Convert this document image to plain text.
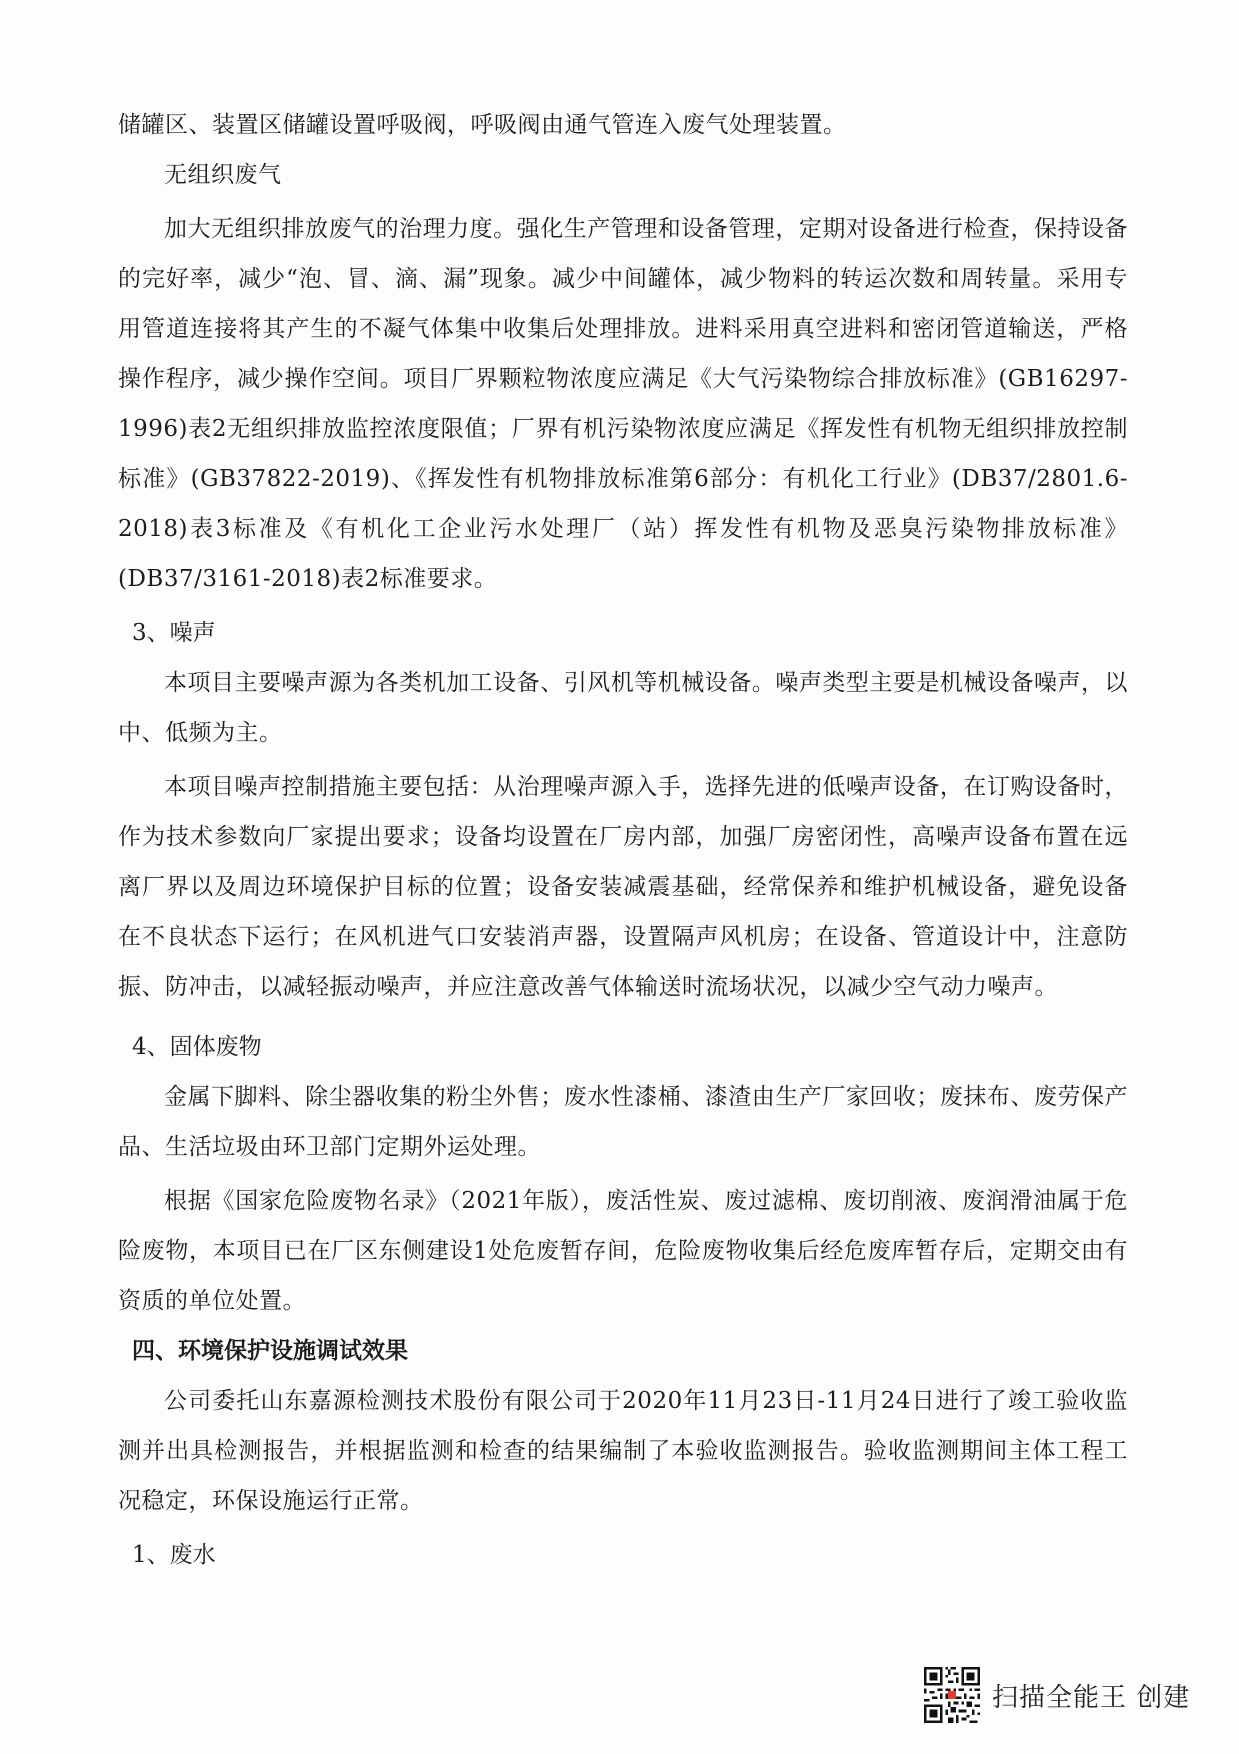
储罐区、装置区储罐设置呼吸阀，呼吸阀由通气管连入废气处理装置。

无组织废气

加大无组织排放废气的治理力度。强化生产管理和设备管理，定期对设备进行检查，保持设备的完好率，减少“泡、冒、滴、漏”现象。减少中间罐体，减少物料的转运次数和周转量。采用专用管道连接将其产生的不凝气体集中收集后处理排放。进料采用真空进料和密闭管道输送，严格操作程序，减少操作空间。项目厂界颗粒物浓度应满足《大气污染物综合排放标准》(GB16297-1996)表2无组织排放监控浓度限值；厂界有机污染物浓度应满足《挥发性有机物无组织排放控制标准》(GB37822-2019)、《挥发性有机物排放标准第6部分：有机化工行业》(DB37/2801.6-2018)表3标准及《有机化工企业污水处理厂（站）挥发性有机物及恶臭污染物排放标准》(DB37/3161-2018)表2标准要求。

3、噪声

本项目主要噪声源为各类机加工设备、引风机等机械设备。噪声类型主要是机械设备噪声，以中、低频为主。

本项目噪声控制措施主要包括：从治理噪声源入手，选择先进的低噪声设备，在订购设备时，作为技术参数向厂家提出要求；设备均设置在厂房内部，加强厂房密闭性，高噪声设备布置在远离厂界以及周边环境保护目标的位置；设备安装减震基础，经常保养和维护机械设备，避免设备在不良状态下运行；在风机进气口安装消声器，设置隔声风机房；在设备、管道设计中，注意防振、防冲击，以减轻振动噪声，并应注意改善气体输送时流场状况，以减少空气动力噪声。

4、固体废物

金属下脚料、除尘器收集的粉尘外售；废水性漆桶、漆渣由生产厂家回收；废抹布、废劳保产品、生活垃圾由环卫部门定期外运处理。

根据《国家危险废物名录》（2021年版），废活性炭、废过滤棉、废切削液、废润滑油属于危险废物，本项目已在厂区东侧建设1处危废暂存间，危险废物收集后经危废库暂存后，定期交由有资质的单位处置。

四、环境保护设施调试效果

公司委托山东嘉源检测技术股份有限公司于2020年11月23日-11月24日进行了竣工验收监测并出具检测报告，并根据监测和检查的结果编制了本验收监测报告。验收监测期间主体工程工况稳定，环保设施运行正常。

1、废水

扫描全能王 创建
